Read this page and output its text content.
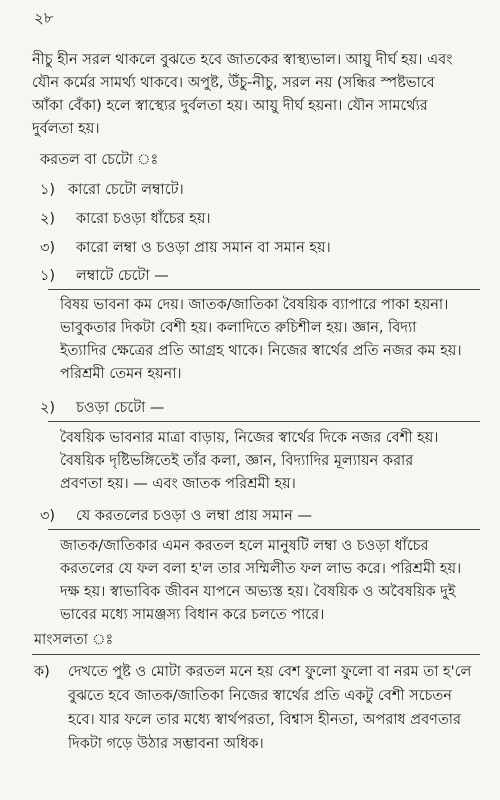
২৮
নীচু হীন সরল থাকলে বুঝতে হবে জাতকের স্বাস্থ্যভাল। আয়ু দীর্ঘ হয়। এবং
যৌন কর্মের সামর্থ্য থাকবে। অপুষ্ট, উঁচু-নীচু, সরল নয় (সন্ধির স্পষ্টভাবে
আঁকা বেঁকা) হলে স্বাস্থ্যের দুর্বলতা হয়। আয়ু দীর্ঘ হয়না। যৌন সামর্থ্যের
দুর্বলতা হয়।
করতল বা চেটো ঃ
১) কারো চেটো লম্বাটে।
২) কারো চওড়া ধাঁচের হয়।
৩) কারো লম্বা ও চওড়া প্রায় সমান বা সমান হয়।
১) লম্বাটে চেটো —
বিষয় ভাবনা কম দেয়। জাতক/জাতিকা বৈষয়িক ব্যাপারে পাকা হয়না।
ভাবুকতার দিকটা বেশী হয়। কলাদিতে রুচিশীল হয়। জ্ঞান, বিদ্যা
ইত্যাদির ক্ষেত্রের প্রতি আগ্রহ থাকে। নিজের স্বার্থের প্রতি নজর কম হয়।
পরিশ্রমী তেমন হয়না।
২) চওড়া চেটো —
বৈষয়িক ভাবনার মাত্রা বাড়ায়, নিজের স্বার্থের দিকে নজর বেশী হয়।
বৈষয়িক দৃষ্টিভঙ্গিতেই তাঁর কলা, জ্ঞান, বিদ্যাদির মূল্যায়ন করার
প্রবণতা হয়। — এবং জাতক পরিশ্রমী হয়।
৩) যে করতলের চওড়া ও লম্বা প্রায় সমান —
জাতক/জাতিকার এমন করতল হলে মানুষটি লম্বা ও চওড়া ধাঁচের
করতলের যে ফল বলা হ'ল তার সম্মিলীত ফল লাভ করে। পরিশ্রমী হয়।
দক্ষ হয়। স্বাভাবিক জীবন যাপনে অভ্যস্ত হয়। বৈষয়িক ও অবৈষয়িক দুই
ভাবের মধ্যে সামঞ্জস্য বিধান করে চলতে পারে।
মাংসলতা ঃ
ক) দেখতে পুষ্ট ও মোটা করতল মনে হয় বেশ ফুলো ফুলো বা নরম তা হ'লে
বুঝতে হবে জাতক/জাতিকা নিজের স্বার্থের প্রতি একটু বেশী সচেতন
হবে। যার ফলে তার মধ্যে স্বার্থপরতা, বিশ্বাস হীনতা, অপরাধ প্রবণতার
দিকটা গড়ে উঠার সম্ভাবনা অধিক।
